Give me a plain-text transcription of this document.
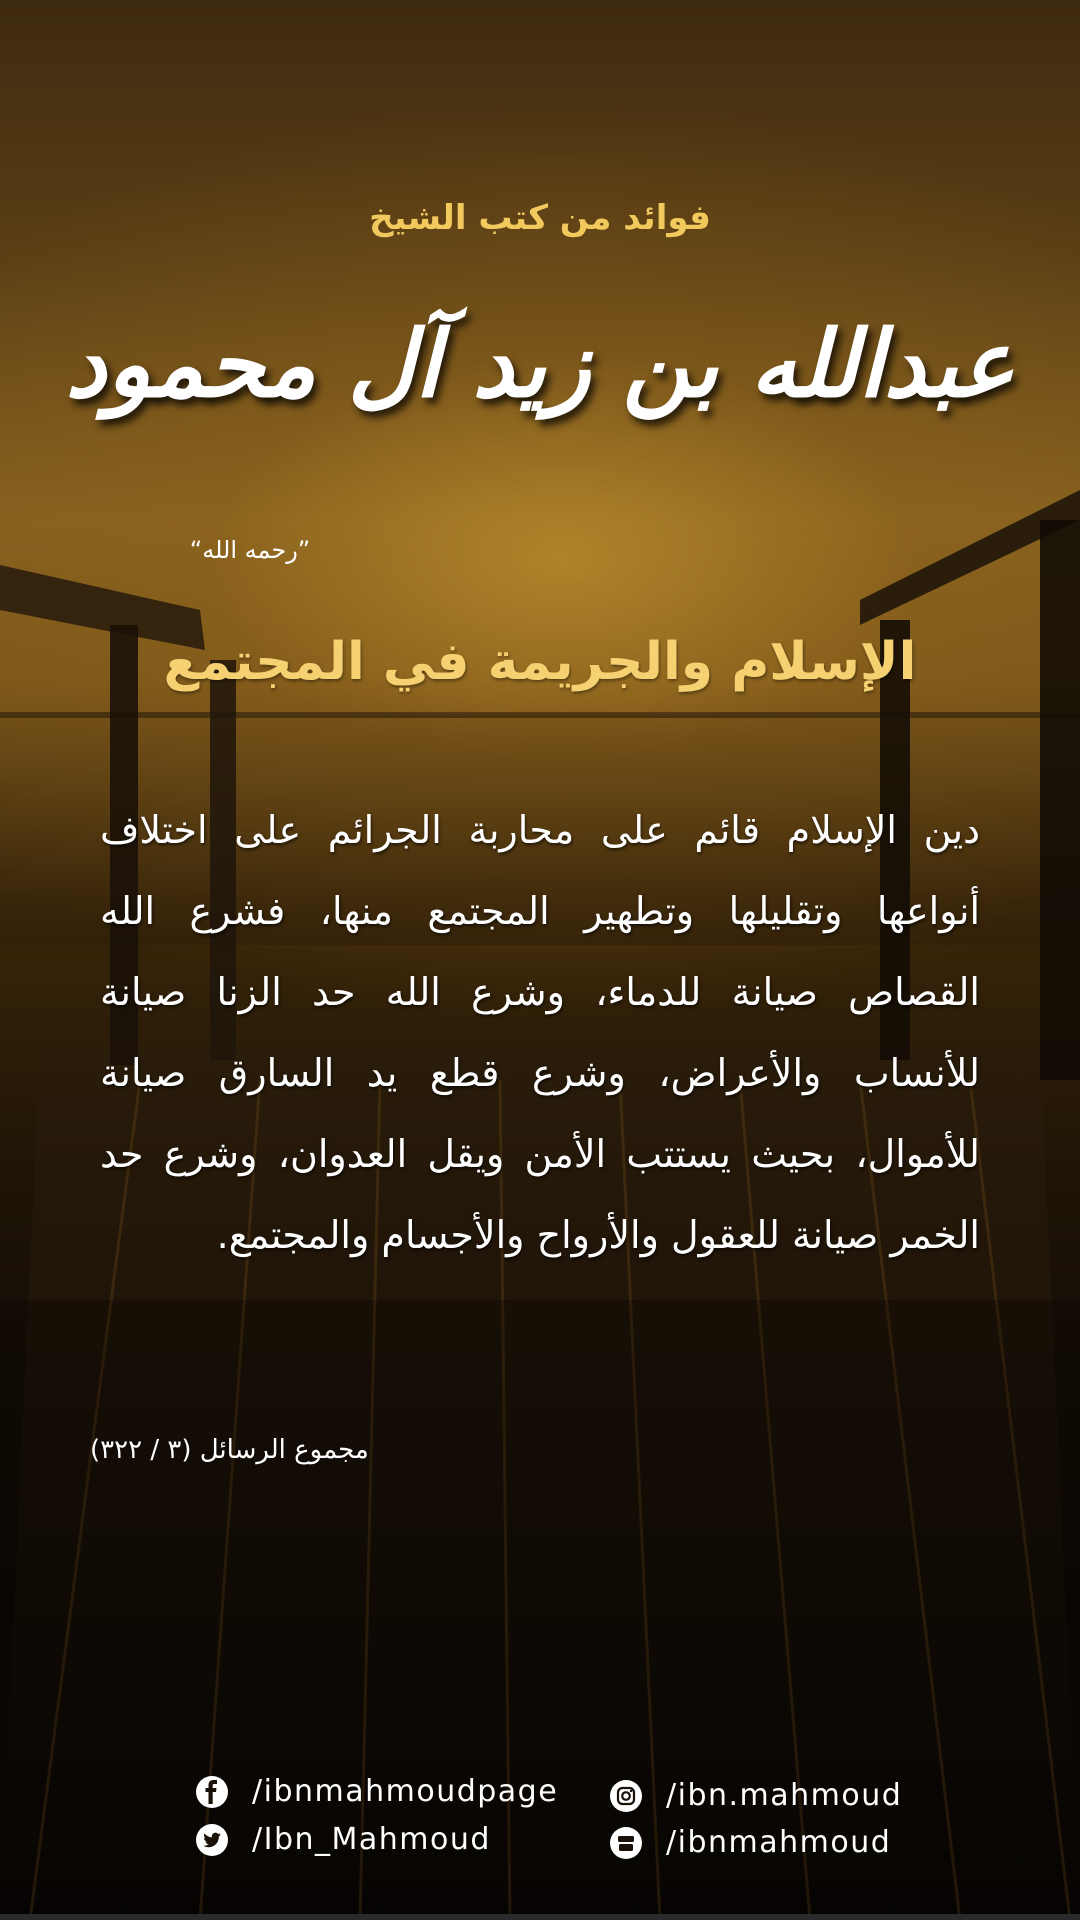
فوائد من كتب الشيخ
عبدالله بن زيد آل محمود
”رحمه الله“
الإسلام والجريمة في المجتمع
دين الإسلام قائم على محاربة الجرائم على اختلاف أنواعها وتقليلها وتطهير المجتمع منها، فشرع الله القصاص صيانة للدماء، وشرع الله حد الزنا صيانة للأنساب والأعراض، وشرع قطع يد السارق صيانة للأموال، بحيث يستتب الأمن ويقل العدوان، وشرع حد الخمر صيانة للعقول والأرواح والأجسام والمجتمع.
مجموع الرسائل (٣ / ٣٢٢)
/ibnmahmoudpage
/Ibn_Mahmoud
/ibn.mahmoud
/ibnmahmoud
